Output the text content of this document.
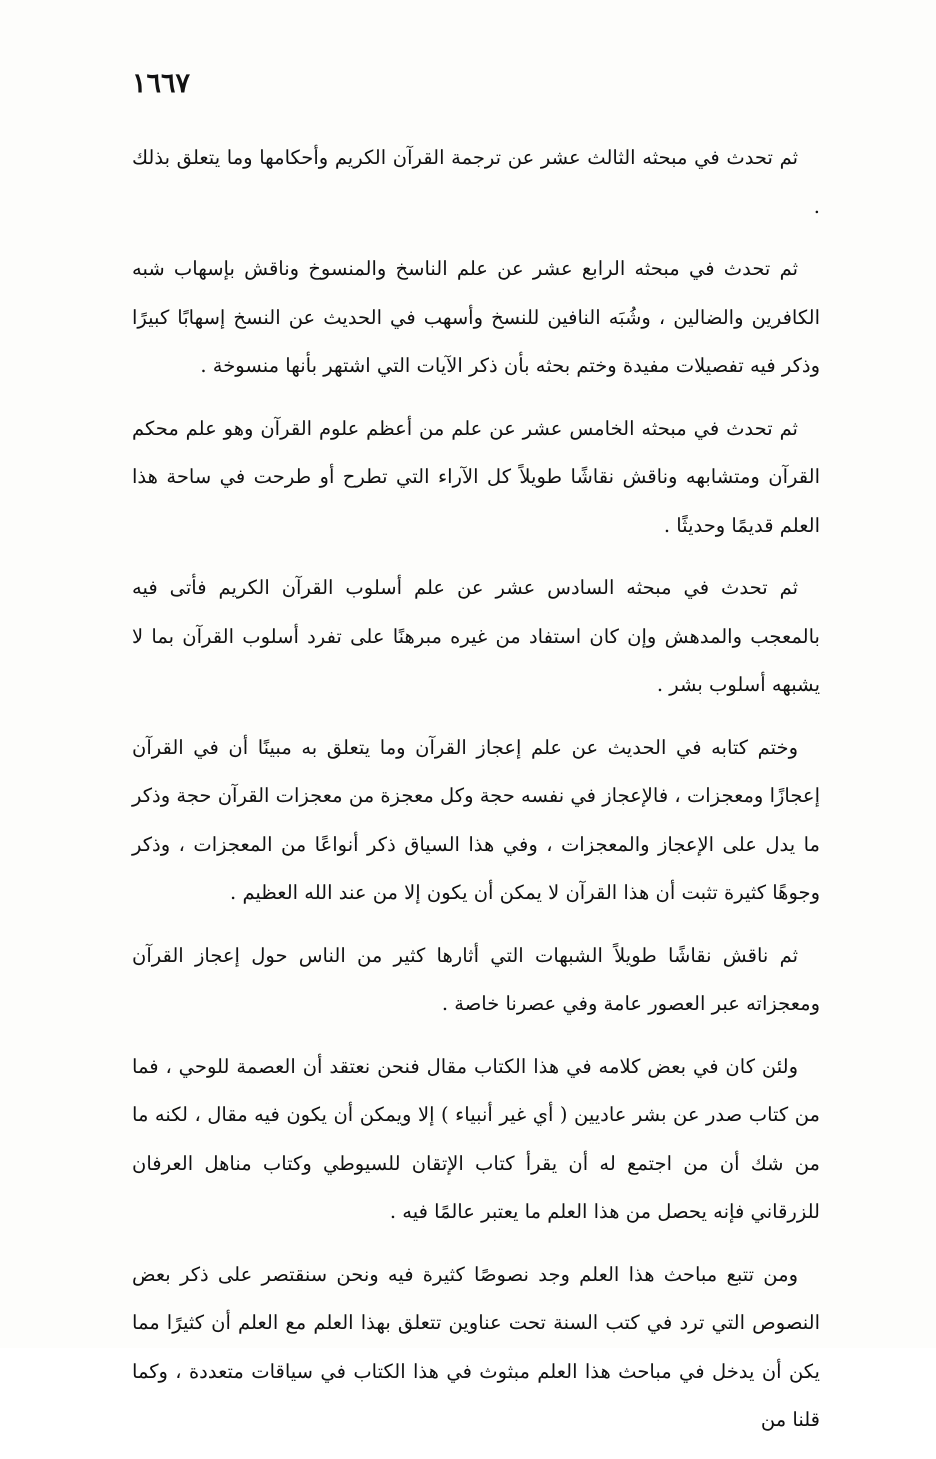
١٦٦٧

ثم تحدث في مبحثه الثالث عشر عن ترجمة القرآن الكريم وأحكامها وما يتعلق بذلك .

ثم تحدث في مبحثه الرابع عشر عن علم الناسخ والمنسوخ وناقش بإسهاب شبه الكافرين والضالين ، وشُبَه النافين للنسخ وأسهب في الحديث عن النسخ إسهابًا كبيرًا وذكر فيه تفصيلات مفيدة وختم بحثه بأن ذكر الآيات التي اشتهر بأنها منسوخة .

ثم تحدث في مبحثه الخامس عشر عن علم من أعظم علوم القرآن وهو علم محكم القرآن ومتشابهه وناقش نقاشًا طويلاً كل الآراء التي تطرح أو طرحت في ساحة هذا العلم قديمًا وحديثًا .

ثم تحدث في مبحثه السادس عشر عن علم أسلوب القرآن الكريم فأتى فيه بالمعجب والمدهش وإن كان استفاد من غيره مبرهنًا على تفرد أسلوب القرآن بما لا يشبهه أسلوب بشر .

وختم كتابه في الحديث عن علم إعجاز القرآن وما يتعلق به مبينًا أن في القرآن إعجازًا ومعجزات ، فالإعجاز في نفسه حجة وكل معجزة من معجزات القرآن حجة وذكر ما يدل على الإعجاز والمعجزات ، وفي هذا السياق ذكر أنواعًا من المعجزات ، وذكر وجوهًا كثيرة تثبت أن هذا القرآن لا يمكن أن يكون إلا من عند الله العظيم .

ثم ناقش نقاشًا طويلاً الشبهات التي أثارها كثير من الناس حول إعجاز القرآن ومعجزاته عبر العصور عامة وفي عصرنا خاصة .

ولئن كان في بعض كلامه في هذا الكتاب مقال فنحن نعتقد أن العصمة للوحي ، فما من كتاب صدر عن بشر عاديين ( أي غير أنبياء ) إلا ويمكن أن يكون فيه مقال ، لكنه ما من شك أن من اجتمع له أن يقرأ كتاب الإتقان للسيوطي وكتاب مناهل العرفان للزرقاني فإنه يحصل من هذا العلم ما يعتبر عالمًا فيه .

ومن تتبع مباحث هذا العلم وجد نصوصًا كثيرة فيه ونحن سنقتصر على ذكر بعض النصوص التي ترد في كتب السنة تحت عناوين تتعلق بهذا العلم مع العلم أن كثيرًا مما يكن أن يدخل في مباحث هذا العلم مبثوث في هذا الكتاب في سياقات متعددة ، وكما قلنا من
